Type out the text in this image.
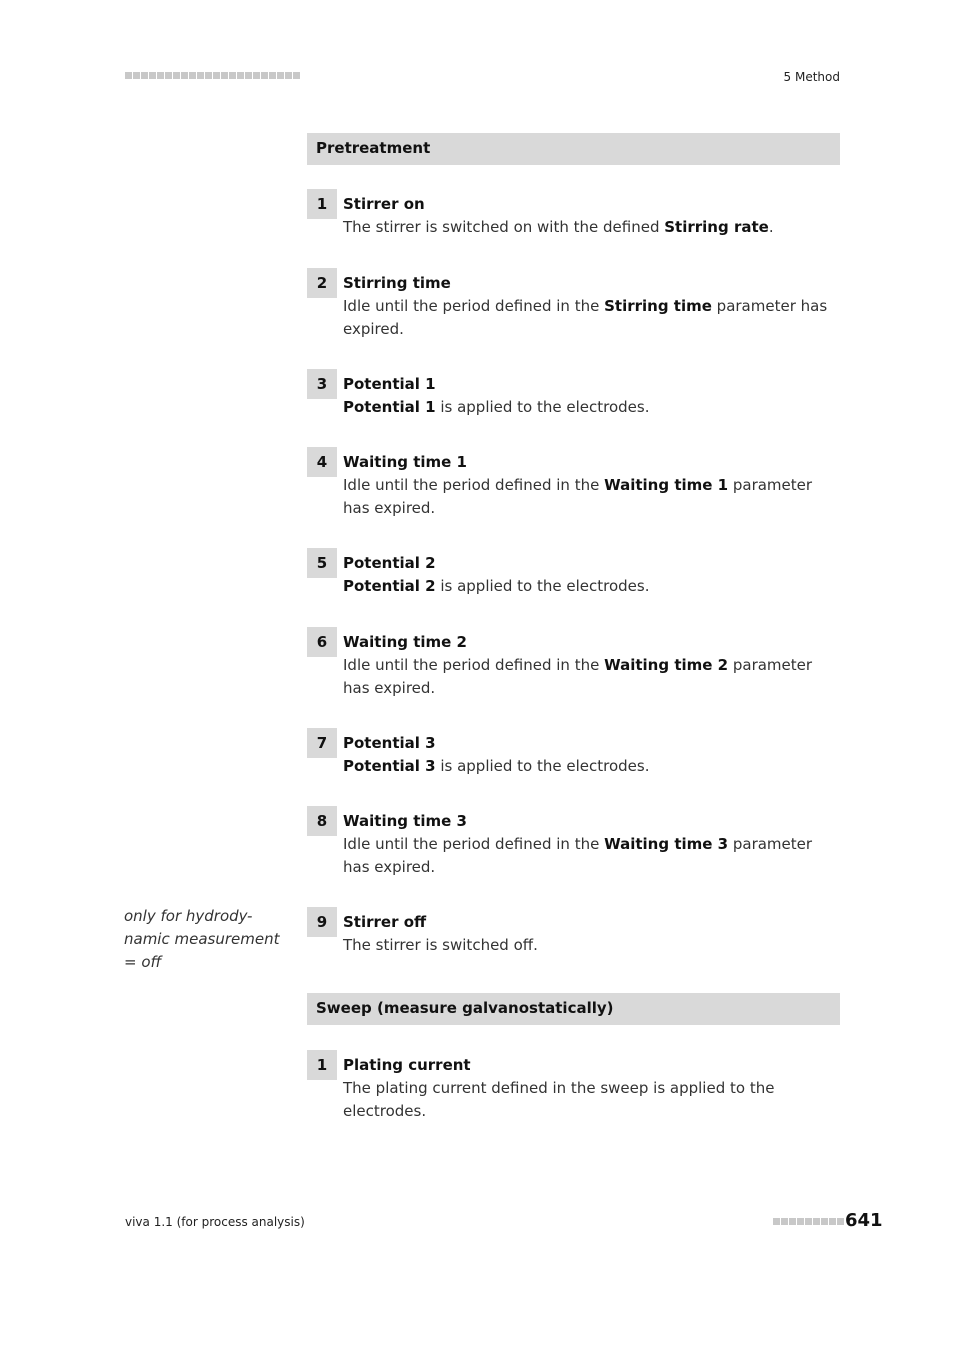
5 Method
Pretreatment
1	Stirrer on
The stirrer is switched on with the defined Stirring rate.
2	Stirring time
Idle until the period defined in the Stirring time parameter has expired.
3	Potential 1
Potential 1 is applied to the electrodes.
4	Waiting time 1
Idle until the period defined in the Waiting time 1 parameter has expired.
5	Potential 2
Potential 2 is applied to the electrodes.
6	Waiting time 2
Idle until the period defined in the Waiting time 2 parameter has expired.
7	Potential 3
Potential 3 is applied to the electrodes.
8	Waiting time 3
Idle until the period defined in the Waiting time 3 parameter has expired.
only for hydrody-namic measurement = off
9	Stirrer off
The stirrer is switched off.
Sweep (measure galvanostatically)
1	Plating current
The plating current defined in the sweep is applied to the electrodes.
viva 1.1 (for process analysis)	641
